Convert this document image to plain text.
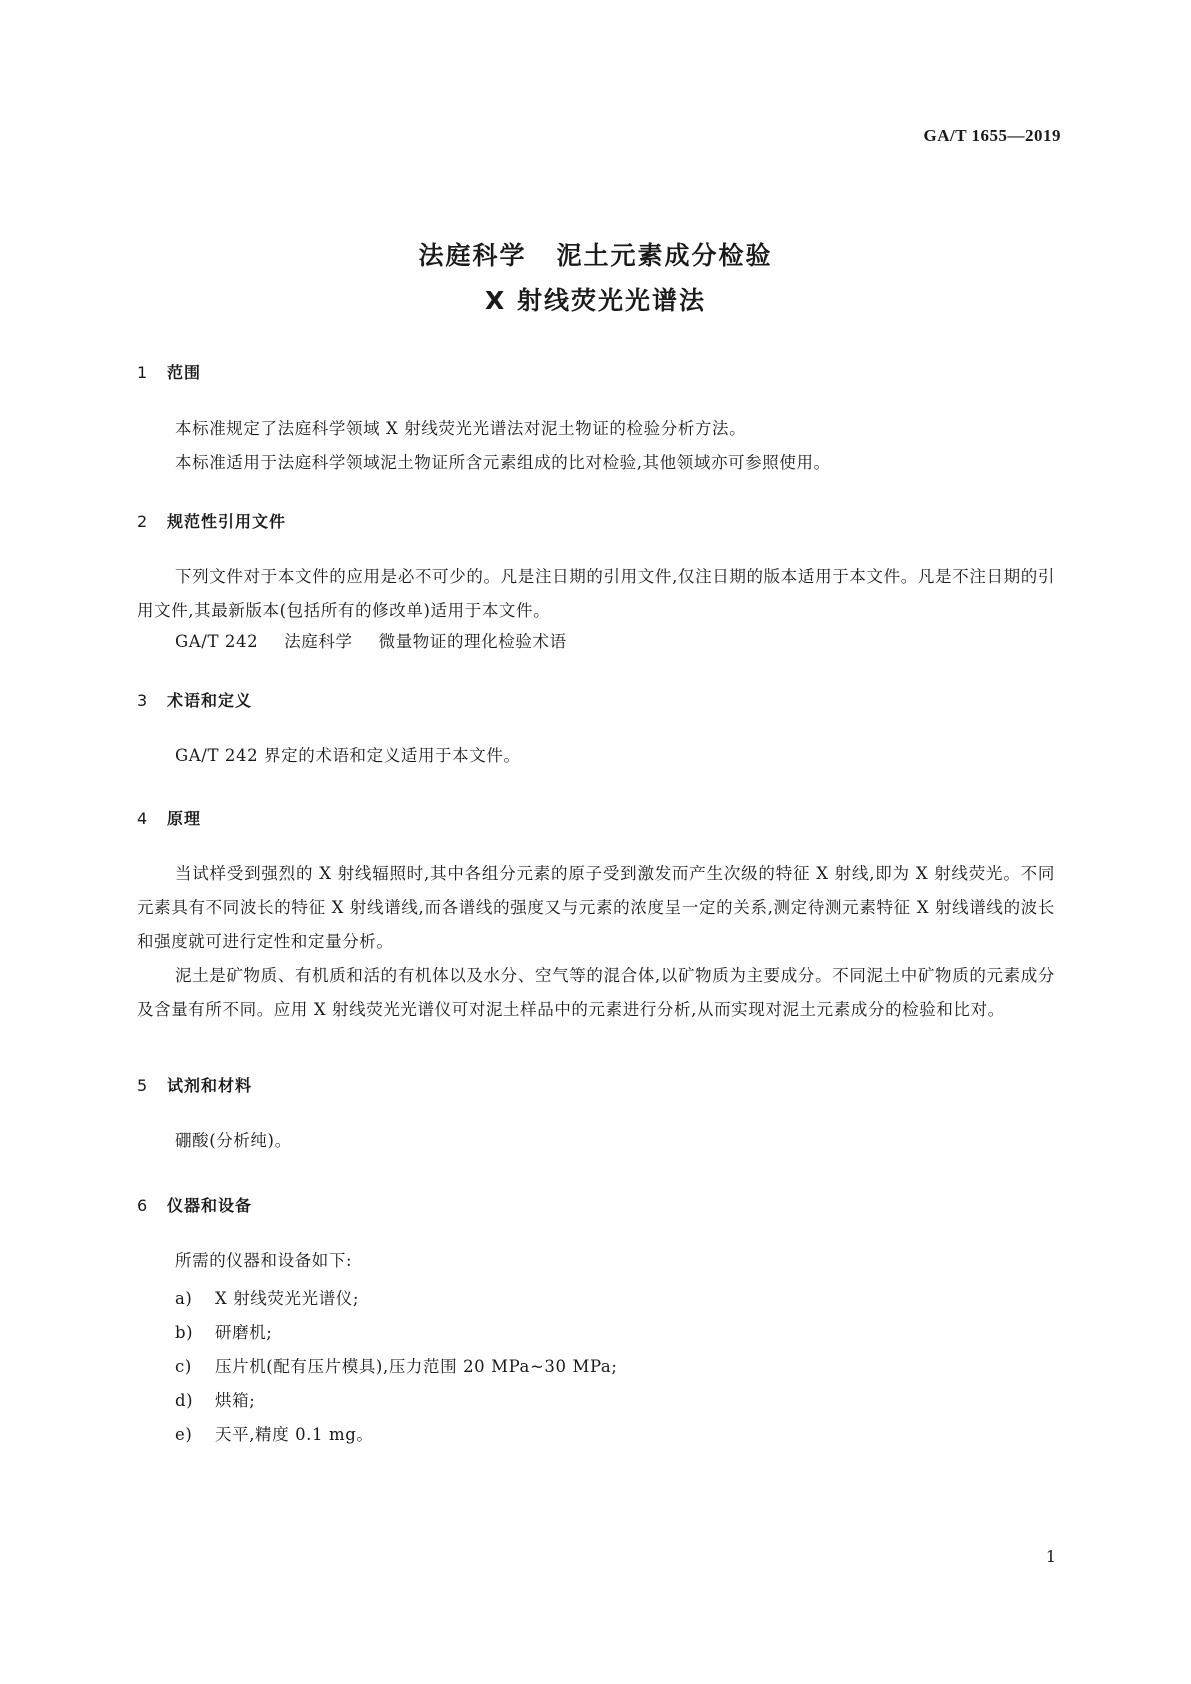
GA/T 1655—2019
法庭科学 泥土元素成分检验
X 射线荧光光谱法
1 范围

本标准规定了法庭科学领域 X 射线荧光光谱法对泥土物证的检验分析方法。

本标准适用于法庭科学领域泥土物证所含元素组成的比对检验,其他领域亦可参照使用。

2 规范性引用文件

下列文件对于本文件的应用是必不可少的。凡是注日期的引用文件,仅注日期的版本适用于本文件。凡是不注日期的引用文件,其最新版本(包括所有的修改单)适用于本文件。

GA/T 242 法庭科学 微量物证的理化检验术语
3 术语和定义

GA/T 242 界定的术语和定义适用于本文件。

4 原理

当试样受到强烈的 X 射线辐照时,其中各组分元素的原子受到激发而产生次级的特征 X 射线,即为 X 射线荧光。不同元素具有不同波长的特征 X 射线谱线,而各谱线的强度又与元素的浓度呈一定的关系,测定待测元素特征 X 射线谱线的波长和强度就可进行定性和定量分析。

泥土是矿物质、有机质和活的有机体以及水分、空气等的混合体,以矿物质为主要成分。不同泥土中矿物质的元素成分及含量有所不同。应用 X 射线荧光光谱仪可对泥土样品中的元素进行分析,从而实现对泥土元素成分的检验和比对。

5 试剂和材料

硼酸(分析纯)。

6 仪器和设备

所需的仪器和设备如下:

a) X 射线荧光光谱仪;
b) 研磨机;
c) 压片机(配有压片模具),压力范围 20 MPa~30 MPa;
d) 烘箱;
e) 天平,精度 0.1 mg。
1
